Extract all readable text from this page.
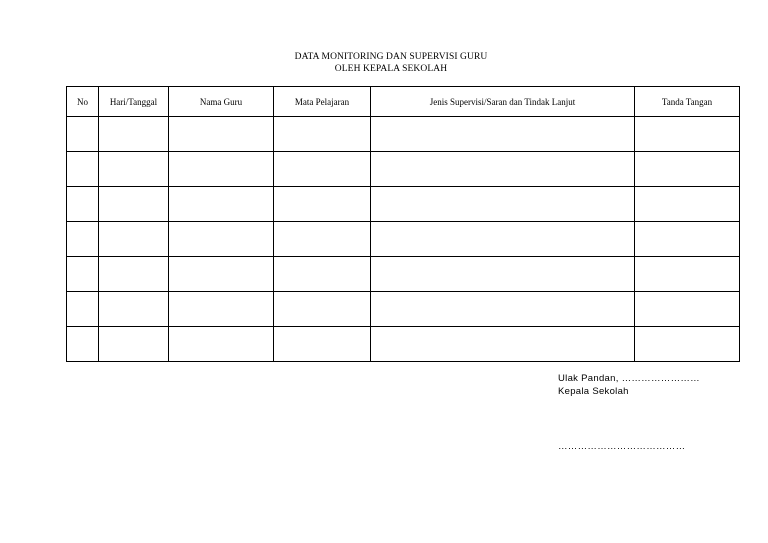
DATA MONITORING DAN SUPERVISI GURU
OLEH KEPALA SEKOLAH
No	Hari/Tanggal	Nama Guru	Mata Pelajaran	Jenis Supervisi/Saran dan Tindak Lanjut	Tanda Tangan

Ulak Pandan, ……………………
Kepala Sekolah
…………………………………
